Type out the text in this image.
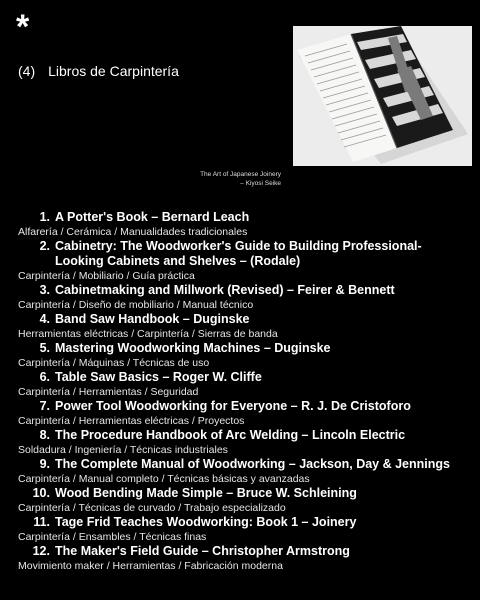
*
(4) Libros de Carpintería
The Art of Japanese Joinery
– Kiyosi Seike
1. A Potter's Book – Bernard Leach
Alfarería / Cerámica / Manualidades tradicionales
2. Cabinetry: The Woodworker's Guide to Building Professional-Looking Cabinets and Shelves – (Rodale)
Carpintería / Mobiliario / Guía práctica
3. Cabinetmaking and Millwork (Revised) – Feirer & Bennett
Carpintería / Diseño de mobiliario / Manual técnico
4. Band Saw Handbook – Duginske
Herramientas eléctricas / Carpintería / Sierras de banda
5. Mastering Woodworking Machines – Duginske
Carpintería / Máquinas / Técnicas de uso
6. Table Saw Basics – Roger W. Cliffe
Carpintería / Herramientas / Seguridad
7. Power Tool Woodworking for Everyone – R. J. De Cristoforo
Carpintería / Herramientas eléctricas / Proyectos
8. The Procedure Handbook of Arc Welding – Lincoln Electric
Soldadura / Ingeniería / Técnicas industriales
9. The Complete Manual of Woodworking – Jackson, Day & Jennings
Carpintería / Manual completo / Técnicas básicas y avanzadas
10. Wood Bending Made Simple – Bruce W. Schleining
Carpintería / Técnicas de curvado / Trabajo especializado
11. Tage Frid Teaches Woodworking: Book 1 – Joinery
Carpintería / Ensambles / Técnicas finas
12. The Maker's Field Guide – Christopher Armstrong
Movimiento maker / Herramientas / Fabricación moderna
